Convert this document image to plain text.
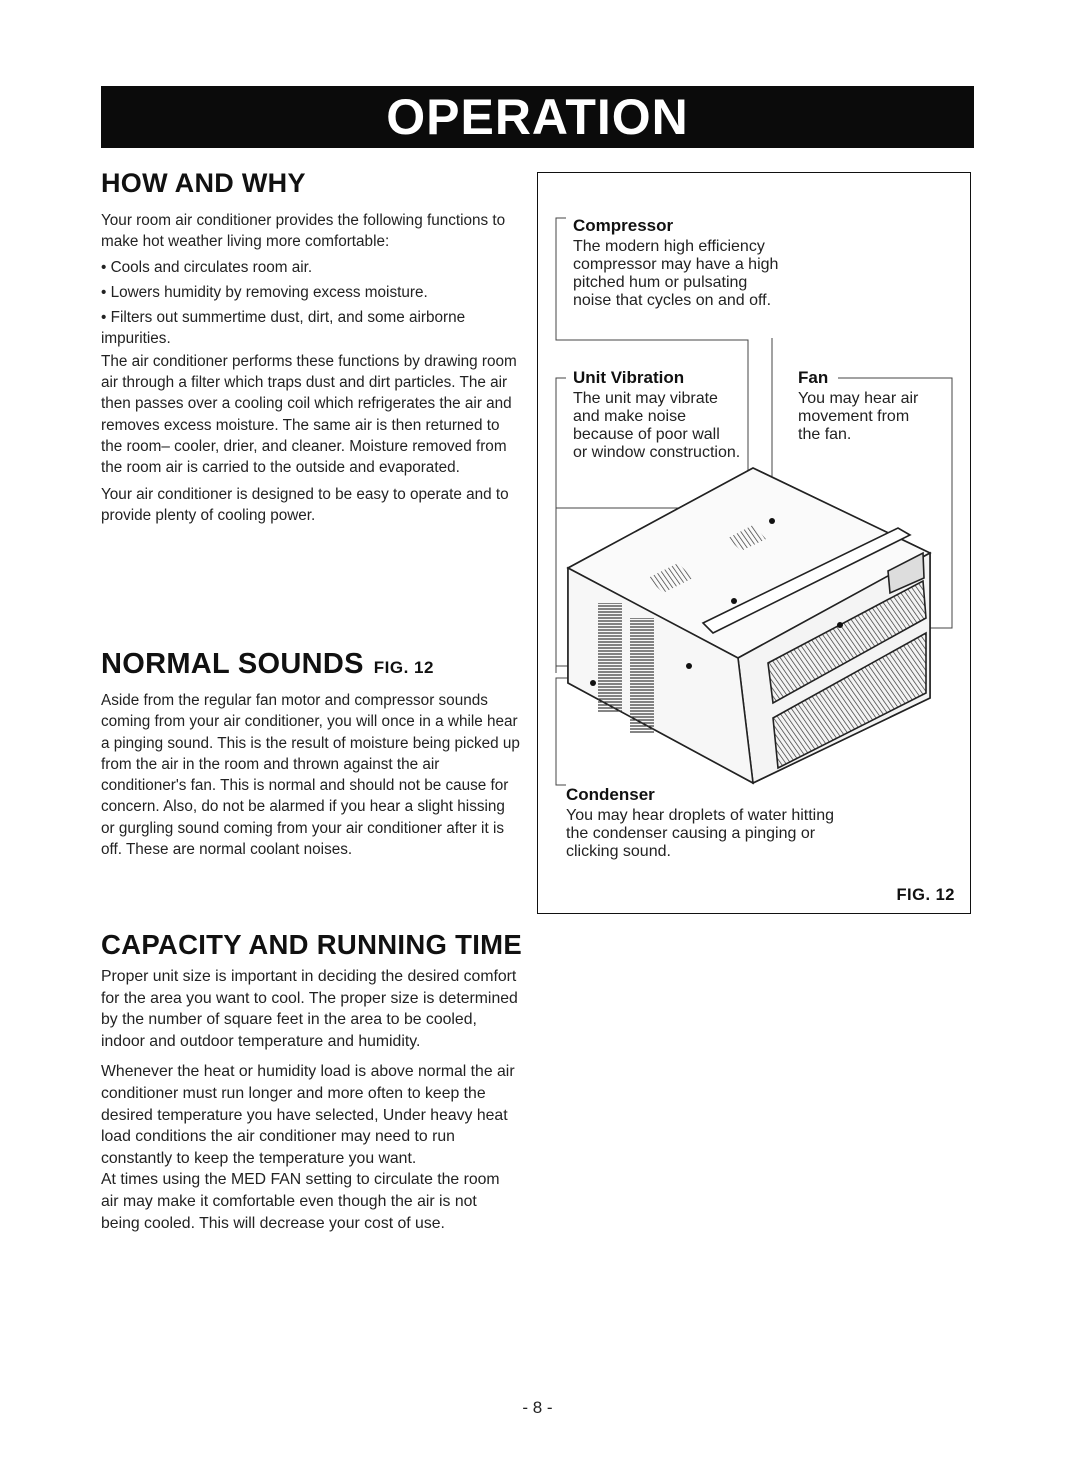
OPERATION
HOW AND WHY

Your room air conditioner provides the following functions to make hot weather living more comfortable:

• Cools and circulates room air.

• Lowers humidity by removing excess moisture.

• Filters out summertime dust, dirt, and some airborne impurities.

The air conditioner performs these functions by drawing room air through a filter which traps dust and dirt particles. The air then passes over a cooling coil which refrigerates the air and removes excess moisture. The same air is then returned to the room– cooler, drier, and cleaner. Moisture removed from the room air is carried to the outside and evaporated.

Your air conditioner is designed to be easy to operate and to provide plenty of cooling power.

NORMAL SOUNDS FIG. 12

Aside from the regular fan motor and compressor sounds coming from your air conditioner, you will once in a while hear a pinging sound. This is the result of moisture being picked up from the air in the room and thrown against the air conditioner's fan. This is normal and should not be cause for concern. Also, do not be alarmed if you hear a slight hissing or gurgling sound coming from your air conditioner after it is off. These are normal coolant noises.

CAPACITY AND RUNNING TIME

Proper unit size is important in deciding the desired comfort for the area you want to cool. The proper size is determined by the number of square feet in the area to be cooled, indoor and outdoor temperature and humidity.

Whenever the heat or humidity load is above normal the air conditioner must run longer and more often to keep the desired temperature you have selected, Under heavy heat load conditions the air conditioner may need to run constantly to keep the temperature you want.

At times using the MED FAN setting to circulate the room air may make it comfortable even though the air is not being cooled. This will decrease your cost of use.

Compressor
The modern high efficiency
compressor may have a high
pitched hum or pulsating
noise that cycles on and off.
Unit Vibration
The unit may vibrate
and make noise
because of poor wall
or window construction.
Fan
You may hear air
movement from
the fan.
Condenser
You may hear droplets of water hitting
the condenser causing a pinging or
clicking sound.
FIG. 12
- 8 -
